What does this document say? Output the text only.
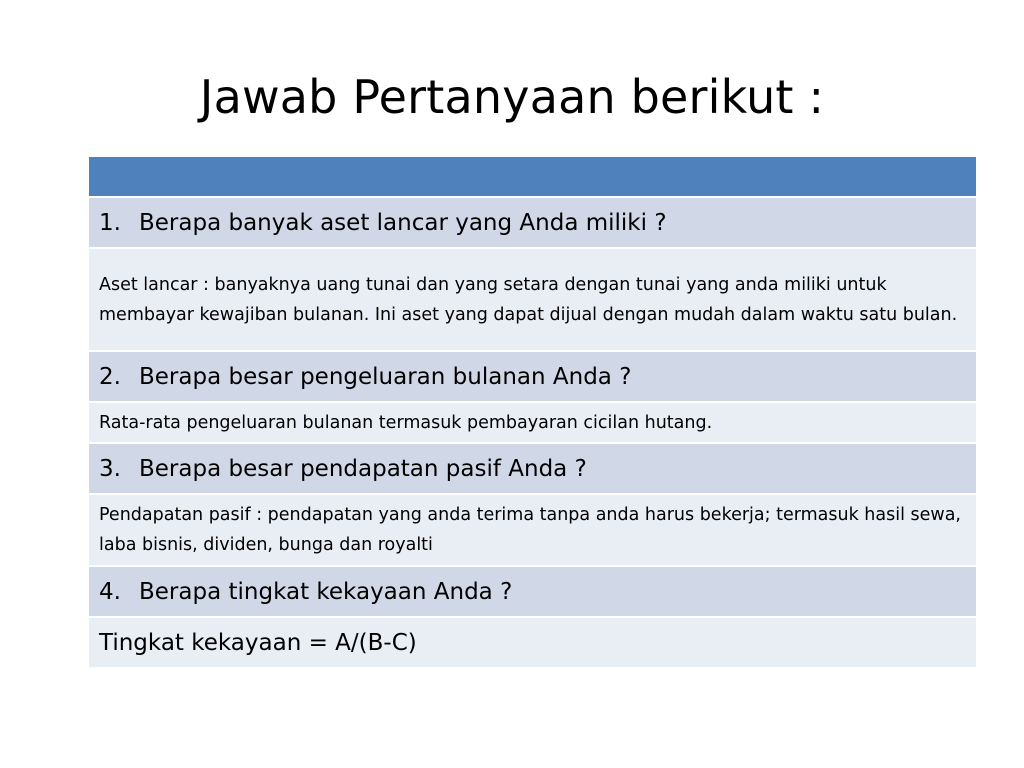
Jawab Pertanyaan berikut :

1. Berapa banyak aset lancar yang Anda miliki ?
Aset lancar : banyaknya uang tunai dan yang setara dengan tunai yang anda miliki untuk membayar kewajiban bulanan. Ini aset yang dapat dijual dengan mudah dalam waktu satu bulan.
2. Berapa besar pengeluaran bulanan Anda ?
Rata-rata pengeluaran bulanan termasuk pembayaran cicilan hutang.
3. Berapa besar pendapatan pasif Anda ?
Pendapatan pasif : pendapatan yang anda terima tanpa anda harus bekerja; termasuk hasil sewa, laba bisnis, dividen, bunga dan royalti
4. Berapa tingkat kekayaan Anda ?
Tingkat kekayaan = A/(B-C)
